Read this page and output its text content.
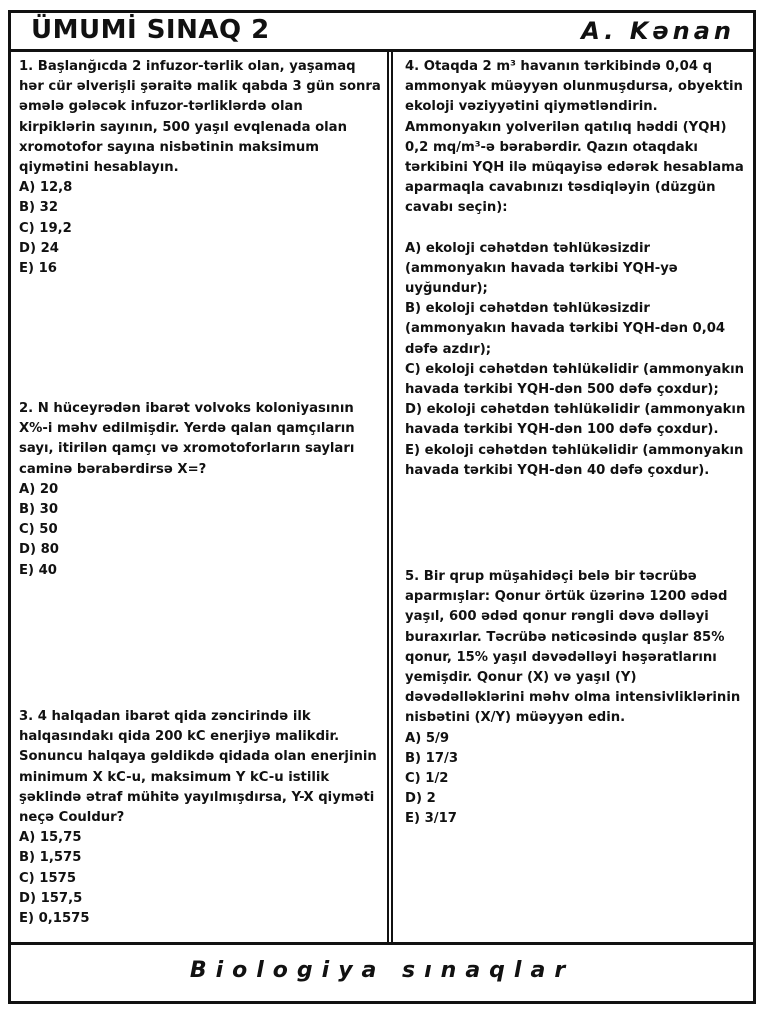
ÜMUMİ SINAQ 2	A. Kənan

1. Başlanğıcda 2 infuzor-tərlik olan, yaşamaq hər cür əlverişli şəraitə malik qabda 3 gün sonra əmələ gələcək infuzor-tərliklərdə olan kirpiklərin sayının, 500 yaşıl evqlenada olan xromotofor sayına nisbətinin maksimum qiymətini hesablayın.

A) 12,8

B) 32

C) 19,2

D) 24

E) 16

2. N hüceyrədən ibarət volvoks koloniyasının X%-i məhv edilmişdir. Yerdə qalan qamçıların sayı, itirilən qamçı və xromotoforların sayları caminə bərabərdirsə X=?

A) 20

B) 30

C) 50

D) 80

E) 40

3. 4 halqadan ibarət qida zəncirində ilk halqasındakı qida 200 kC enerjiyə malikdir. Sonuncu halqaya gəldikdə qidada olan enerjinin minimum X kC-u, maksimum Y kC-u istilik şəklində ətraf mühitə yayılmışdırsa, Y-X qiyməti neçə Couldur?

A) 15,75

B) 1,575

C) 1575

D) 157,5

E) 0,1575

4. Otaqda 2 m³ havanın tərkibində 0,04 q ammonyak müəyyən olunmuşdursa, obyektin ekoloji vəziyyətini qiymətləndirin. Ammonyakın yolverilən qatılıq həddi (YQH) 0,2 mq/m³-ə bərabərdir. Qazın otaqdakı tərkibini YQH ilə müqayisə edərək hesablama aparmaqla cavabınızı təsdiqləyin (düzgün cavabı seçin):

A) ekoloji cəhətdən təhlükəsizdir (ammonyakın havada tərkibi YQH-yə uyğundur);

B) ekoloji cəhətdən təhlükəsizdir (ammonyakın havada tərkibi YQH-dən 0,04 dəfə azdır);

C) ekoloji cəhətdən təhlükəlidir (ammonyakın havada tərkibi YQH-dən 500 dəfə çoxdur);

D) ekoloji cəhətdən təhlükəlidir (ammonyakın havada tərkibi YQH-dən 100 dəfə çoxdur).

E) ekoloji cəhətdən təhlükəlidir (ammonyakın havada tərkibi YQH-dən 40 dəfə çoxdur).

5. Bir qrup müşahidəçi belə bir təcrübə aparmışlar: Qonur örtük üzərinə 1200 ədəd yaşıl, 600 ədəd qonur rəngli dəvə dəlləyi buraxırlar. Təcrübə nəticəsində quşlar 85% qonur, 15% yaşıl dəvədəlləyi həşəratlarını yemişdir. Qonur (X) və yaşıl (Y) dəvədəlləklərini məhv olma intensivliklərinin nisbətini (X/Y) müəyyən edin.

A) 5/9

B) 17/3

C) 1/2

D) 2

E) 3/17

Biologiya sınaqlar
